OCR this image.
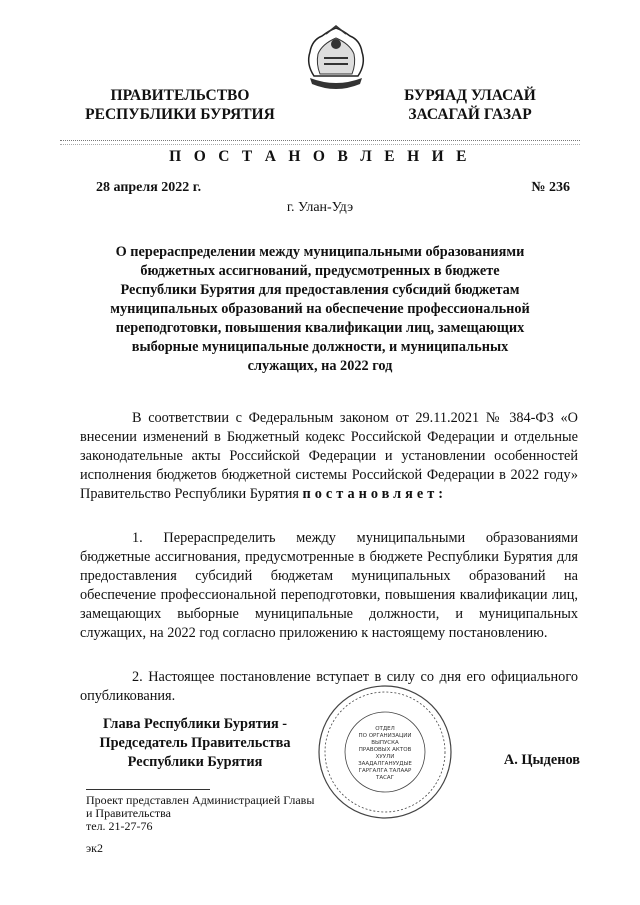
ПРАВИТЕЛЬСТВО
РЕСПУБЛИКИ БУРЯТИЯ
БУРЯАД УЛАСАЙ
ЗАСАГАЙ ГАЗАР
П О С Т А Н О В Л Е Н И Е
28 апреля 2022 г.	№ 236
г. Улан-Удэ
О перераспределении между муниципальными образованиями бюджетных ассигнований, предусмотренных в бюджете Республики Бурятия для предоставления субсидий бюджетам муниципальных образований на обеспечение профессиональной переподготовки, повышения квалификации лиц, замещающих выборные муниципальные должности, и муниципальных служащих, на 2022 год

В соответствии с Федеральным законом от 29.11.2021 № 384-ФЗ «О внесении изменений в Бюджетный кодекс Российской Федерации и отдельные законодательные акты Российской Федерации и установлении особенностей исполнения бюджетов бюджетной системы Российской Федерации в 2022 году» Правительство Республики Бурятия постановляет:

1. Перераспределить между муниципальными образованиями бюджетные ассигнования, предусмотренные в бюджете Республики Бурятия для предоставления субсидий бюджетам муниципальных образований на обеспечение профессиональной переподготовки, повышения квалификации лиц, замещающих выборные муниципальные должности, и муниципальных служащих, на 2022 год согласно приложению к настоящему постановлению.

2. Настоящее постановление вступает в силу со дня его официального опубликования.

Глава Республики Бурятия -
Председатель Правительства
Республики Бурятия
ОТДЕЛ
ПО ОРГАНИЗАЦИИ
ВЫПУСКА
ПРАВОВЫХ АКТОВ
ХУУЛИ
ЗААДАЛГАНУУДЫЕ
ГАРГАЛГА ТАЛААР
ТАСАГ
А. Цыденов
Проект представлен Администрацией Главы
и Правительства
тел. 21-27-76
эк2
